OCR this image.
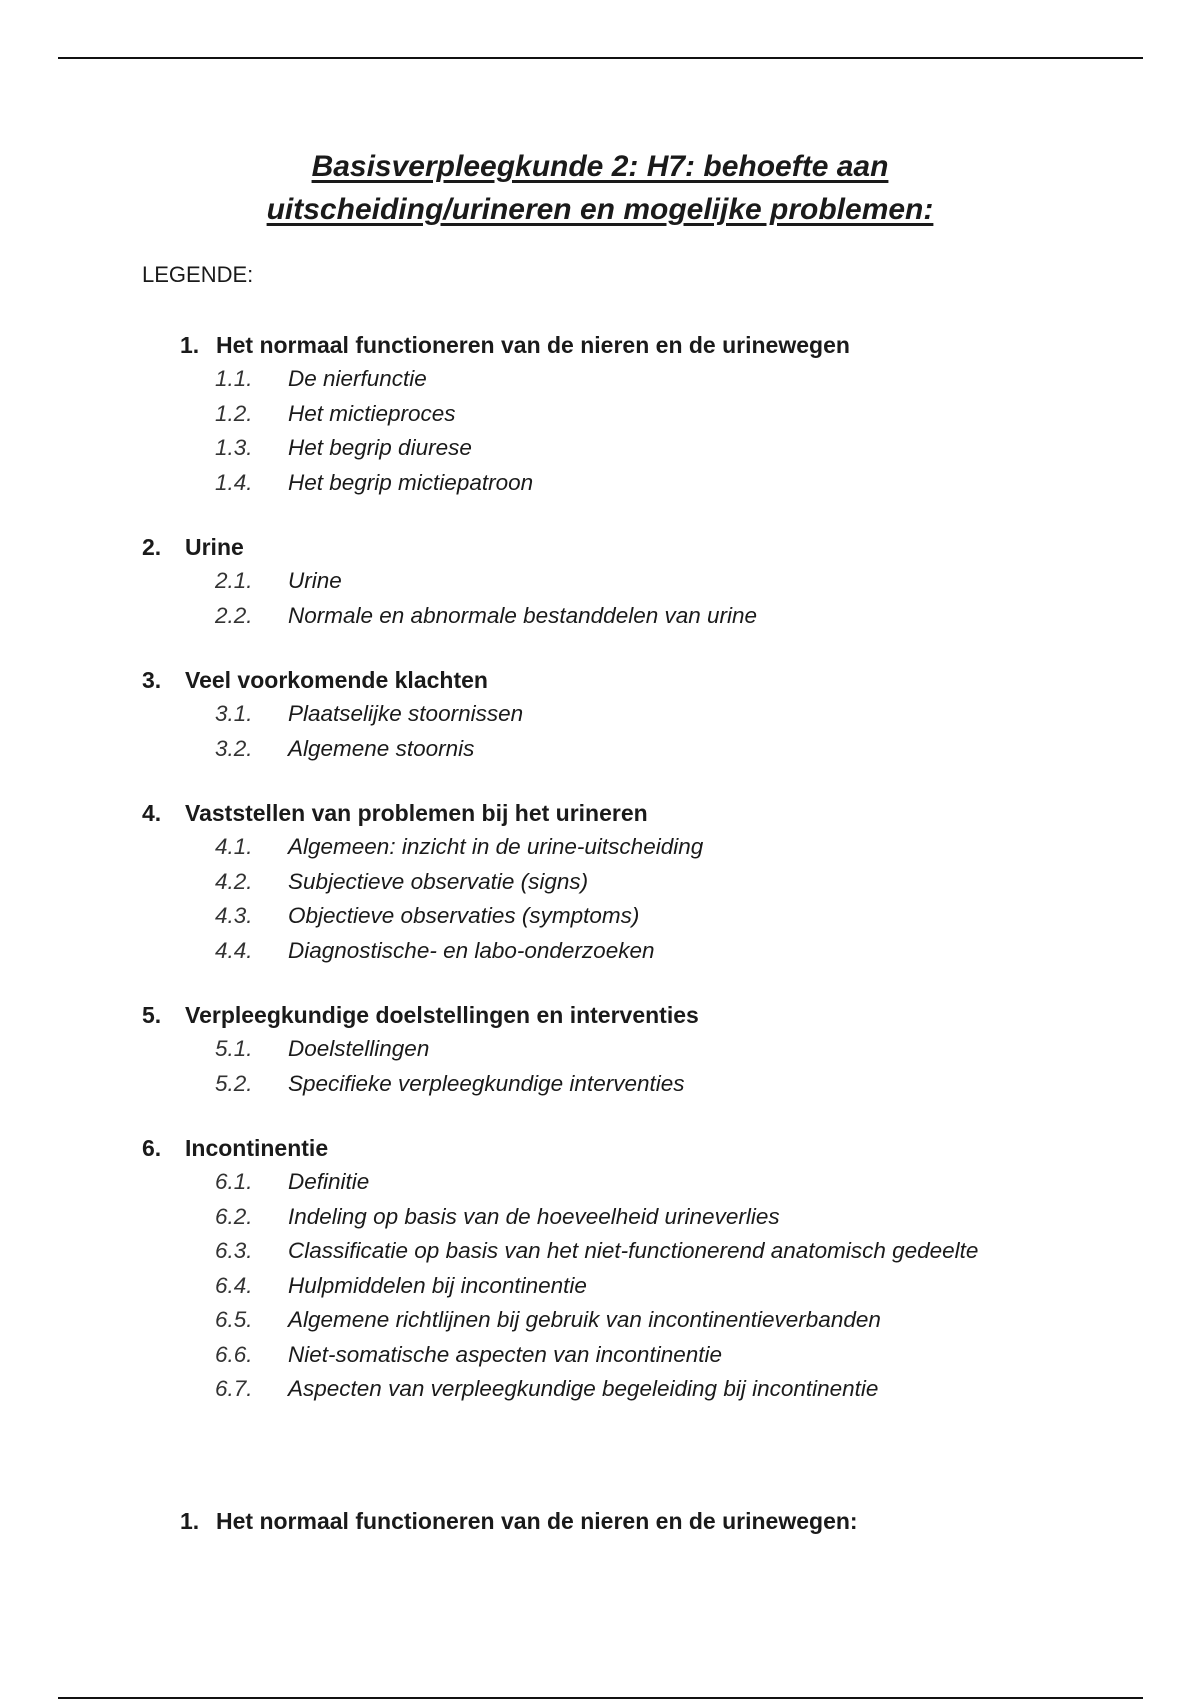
Basisverpleegkunde 2: H7: behoefte aan
uitscheiding/urineren en mogelijke problemen:
LEGENDE:
1. Het normaal functioneren van de nieren en de urinewegen
1.1. De nierfunctie
1.2. Het mictieproces
1.3. Het begrip diurese
1.4. Het begrip mictiepatroon
2. Urine
2.1. Urine
2.2. Normale en abnormale bestanddelen van urine
3. Veel voorkomende klachten
3.1. Plaatselijke stoornissen
3.2. Algemene stoornis
4. Vaststellen van problemen bij het urineren
4.1. Algemeen: inzicht in de urine-uitscheiding
4.2. Subjectieve observatie (signs)
4.3. Objectieve observaties (symptoms)
4.4. Diagnostische- en labo-onderzoeken
5. Verpleegkundige doelstellingen en interventies
5.1. Doelstellingen
5.2. Specifieke verpleegkundige interventies
6. Incontinentie
6.1. Definitie
6.2. Indeling op basis van de hoeveelheid urineverlies
6.3. Classificatie op basis van het niet-functionerend anatomisch gedeelte
6.4. Hulpmiddelen bij incontinentie
6.5. Algemene richtlijnen bij gebruik van incontinentieverbanden
6.6. Niet-somatische aspecten van incontinentie
6.7. Aspecten van verpleegkundige begeleiding bij incontinentie
1. Het normaal functioneren van de nieren en de urinewegen:
